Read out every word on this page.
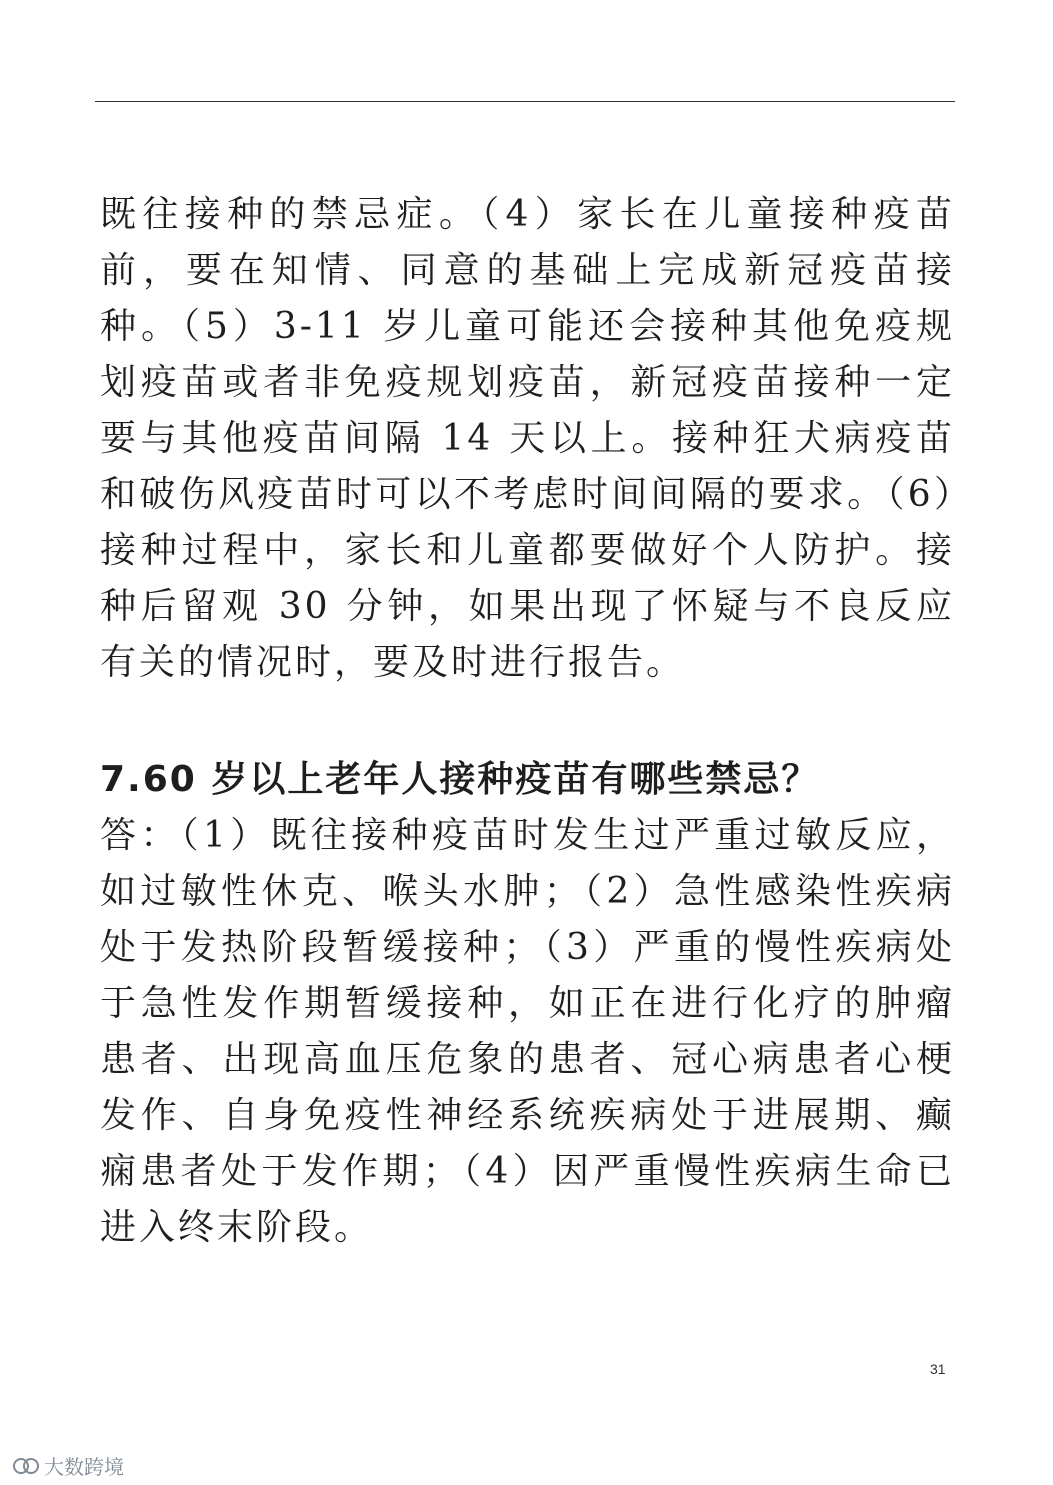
既往接种的禁忌症。（4）家长在儿童接种疫苗前，要在知情、同意的基础上完成新冠疫苗接种。（5）3-11 岁儿童可能还会接种其他免疫规划疫苗或者非免疫规划疫苗，新冠疫苗接种一定要与其他疫苗间隔 14 天以上。接种狂犬病疫苗和破伤风疫苗时可以不考虑时间间隔的要求。（6）接种过程中，家长和儿童都要做好个人防护。接种后留观 30 分钟，如果出现了怀疑与不良反应有关的情况时，要及时进行报告。

7.60 岁以上老年人接种疫苗有哪些禁忌？

答：（1）既往接种疫苗时发生过严重过敏反应，如过敏性休克、喉头水肿；（2）急性感染性疾病处于发热阶段暂缓接种；（3）严重的慢性疾病处于急性发作期暂缓接种，如正在进行化疗的肿瘤患者、出现高血压危象的患者、冠心病患者心梗发作、自身免疫性神经系统疾病处于进展期、癫痫患者处于发作期；（4）因严重慢性疾病生命已进入终末阶段。

31
大数跨境
